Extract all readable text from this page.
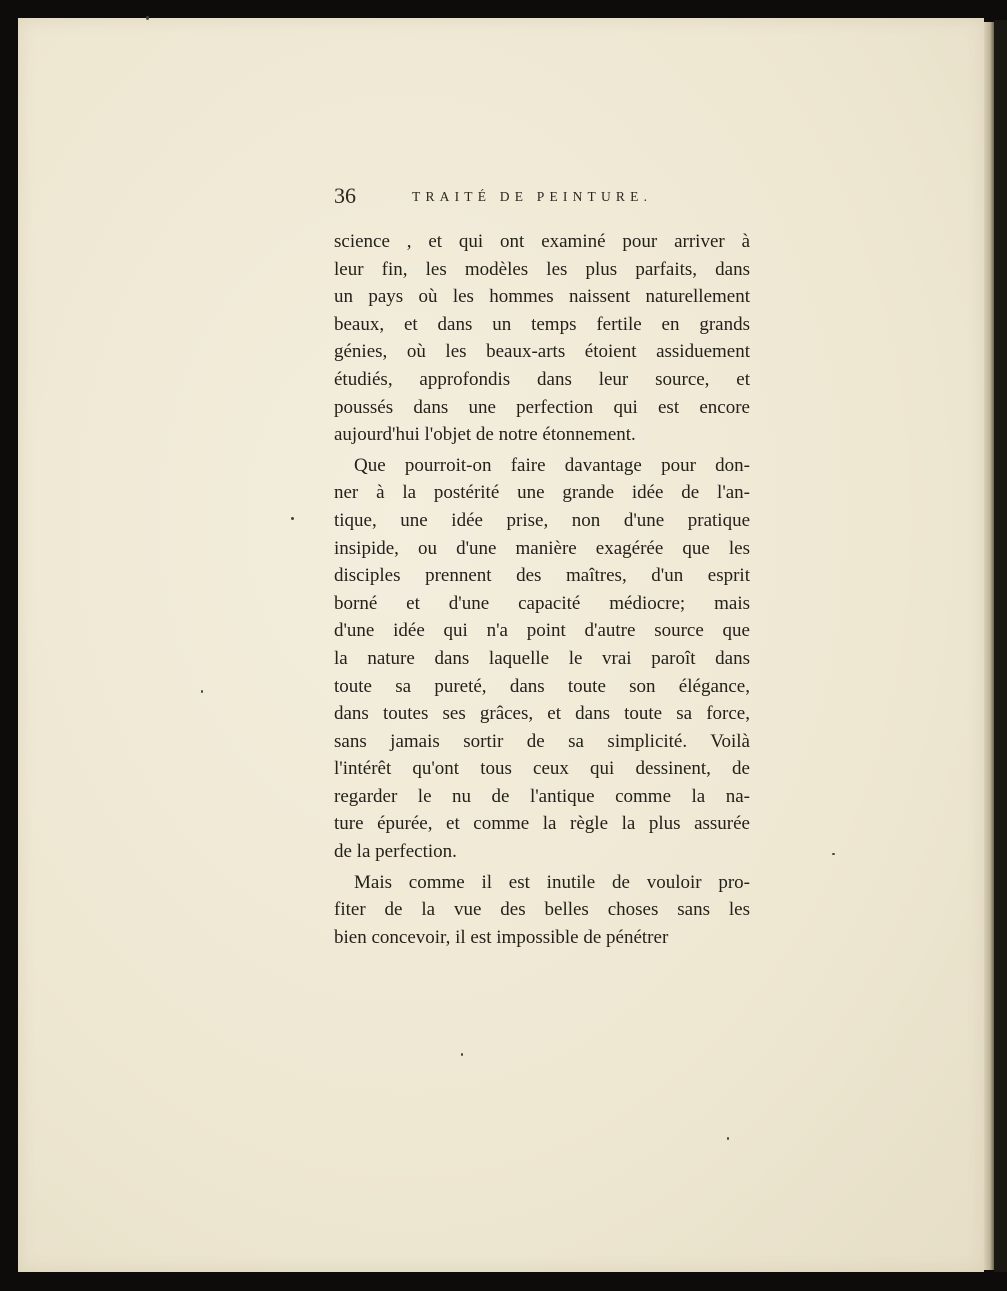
36	TRAITÉ DE PEINTURE.
science , et qui ont examiné pour arriver à
leur fin, les modèles les plus parfaits, dans
un pays où les hommes naissent naturellement
beaux, et dans un temps fertile en grands
génies, où les beaux-arts étoient assiduement
étudiés, approfondis dans leur source, et
poussés dans une perfection qui est encore
aujourd'hui l'objet de notre étonnement.
Que pourroit-on faire davantage pour don-
ner à la postérité une grande idée de l'an-
tique, une idée prise, non d'une pratique
insipide, ou d'une manière exagérée que les
disciples prennent des maîtres, d'un esprit
borné et d'une capacité médiocre; mais
d'une idée qui n'a point d'autre source que
la nature dans laquelle le vrai paroît dans
toute sa pureté, dans toute son élégance,
dans toutes ses grâces, et dans toute sa force,
sans jamais sortir de sa simplicité. Voilà
l'intérêt qu'ont tous ceux qui dessinent, de
regarder le nu de l'antique comme la na-
ture épurée, et comme la règle la plus assurée
de la perfection.
Mais comme il est inutile de vouloir pro-
fiter de la vue des belles choses sans les
bien concevoir, il est impossible de pénétrer
